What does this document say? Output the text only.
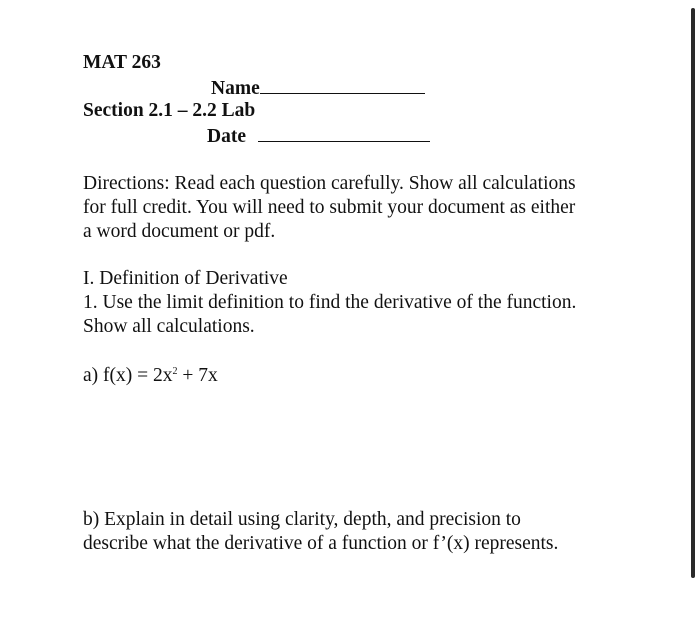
MAT 263
Name
Section 2.1 – 2.2 Lab
Date
Directions: Read each question carefully. Show all calculations
for full credit. You will need to submit your document as either
a word document or pdf.
I. Definition of Derivative
1. Use the limit definition to find the derivative of the function.
Show all calculations.
a) $f(x) = 2x^2 + 7x$
b) Explain in detail using clarity, depth, and precision to
describe what the derivative of a function or f’(x) represents.
